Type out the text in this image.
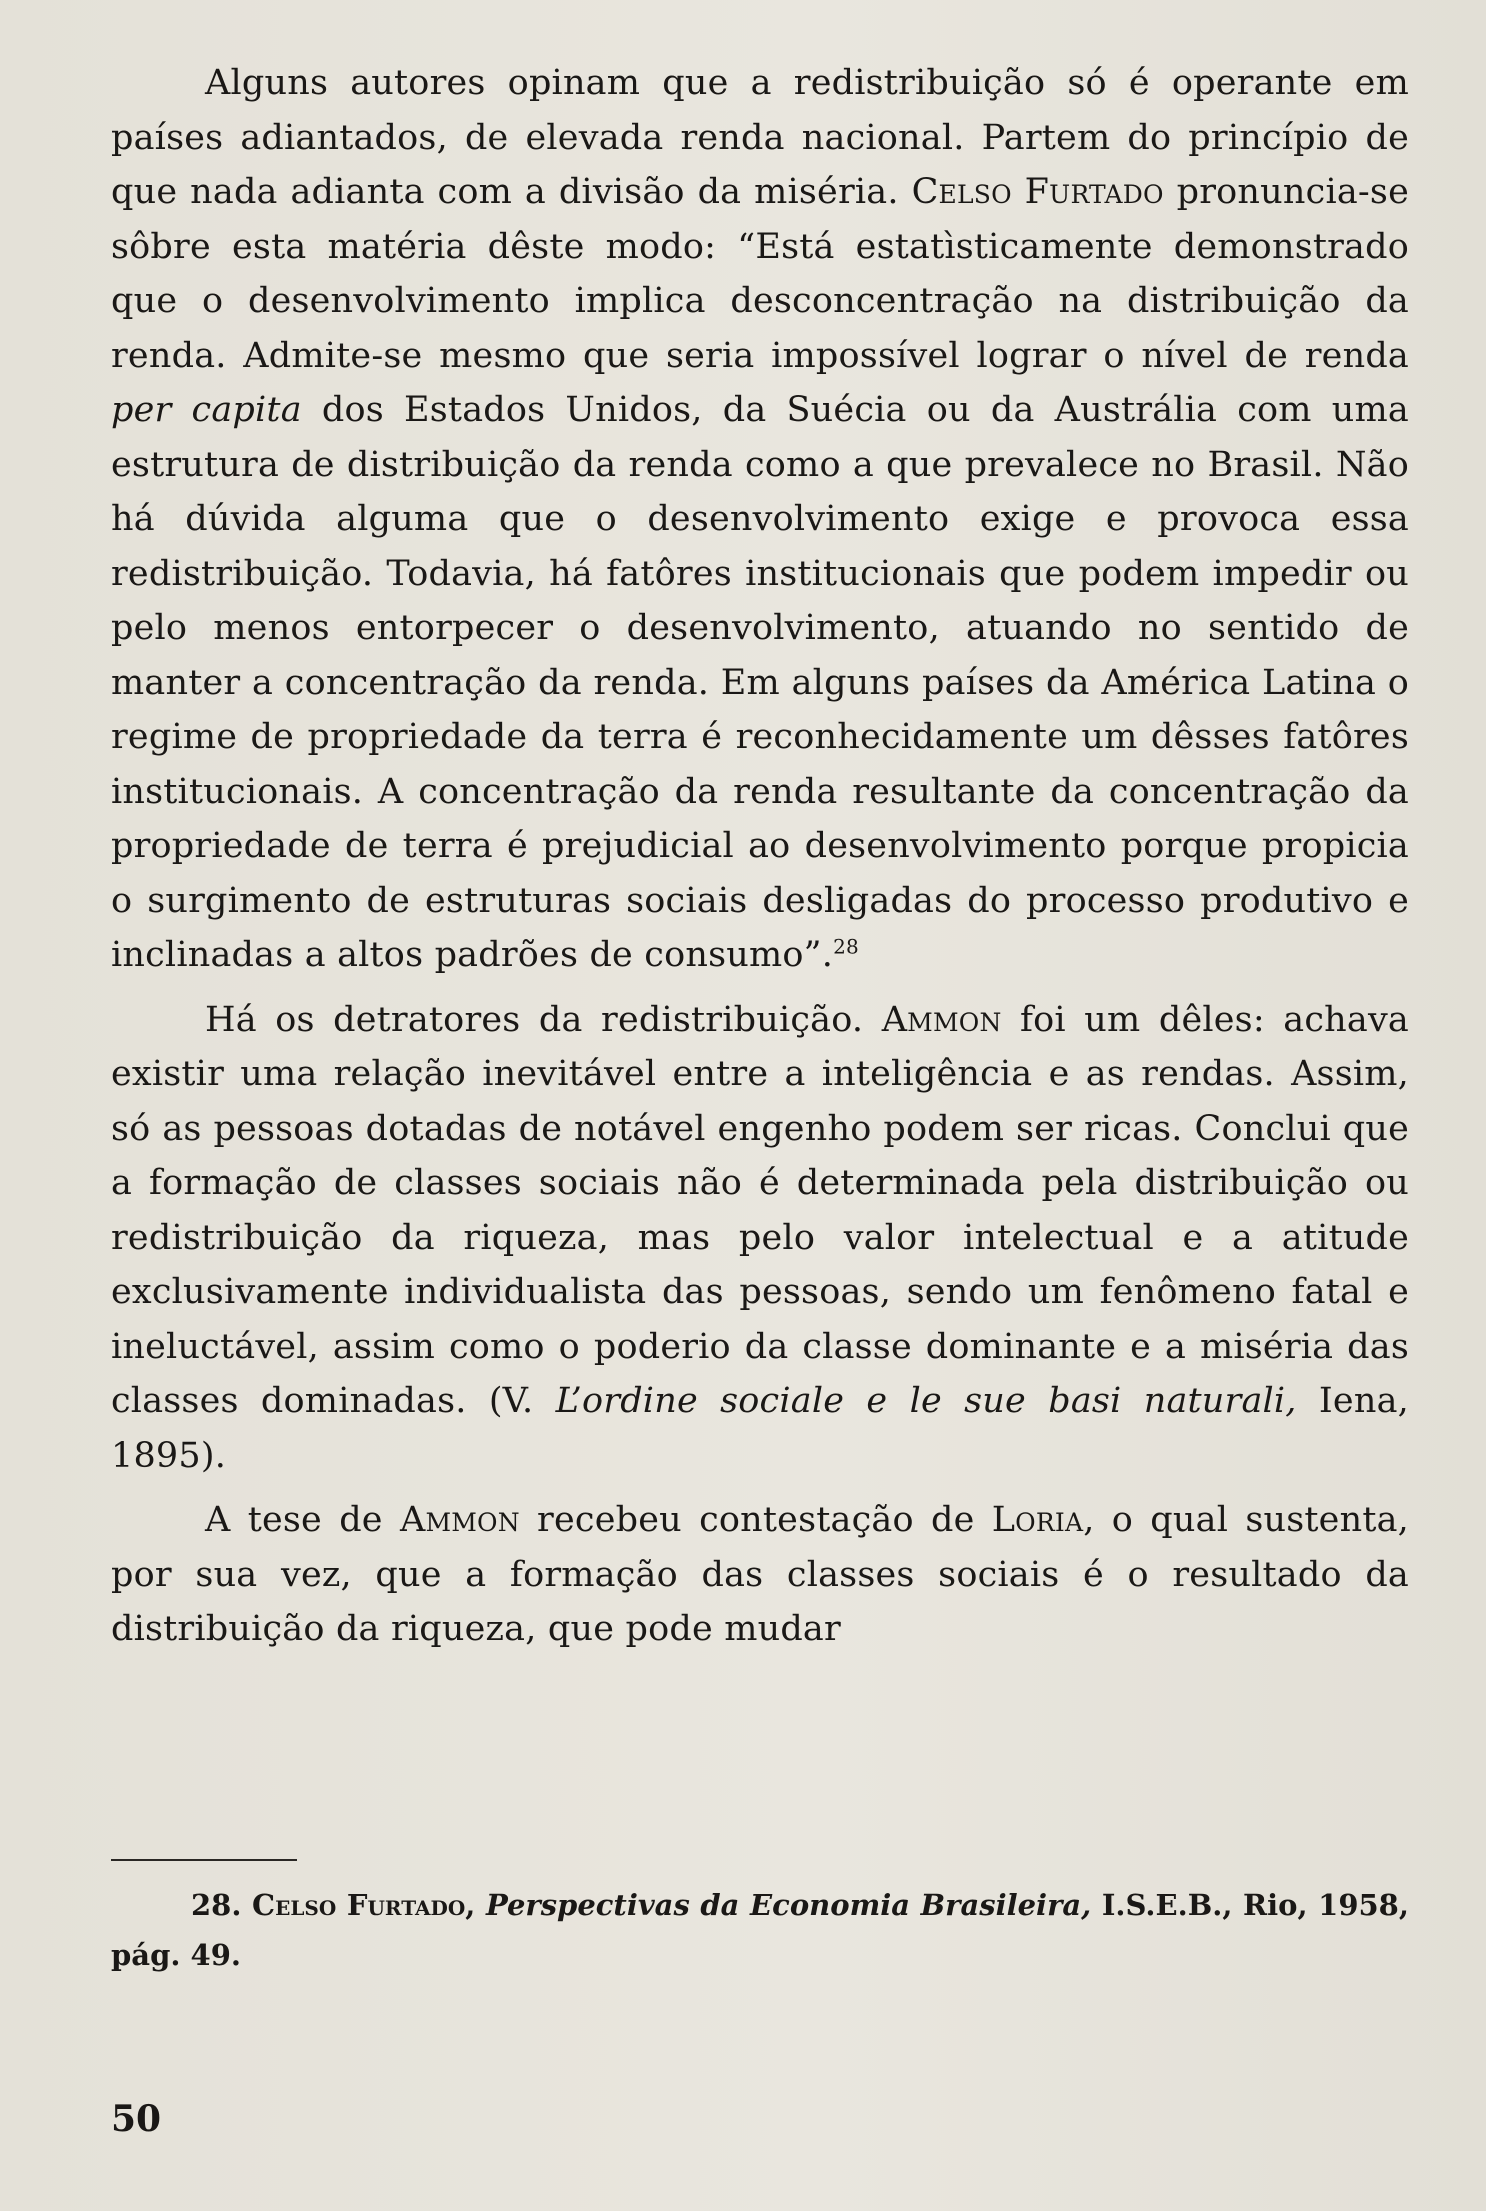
Alguns autores opinam que a redistribuição só é operante em países adiantados, de elevada renda nacional. Partem do princípio de que nada adianta com a divisão da miséria. Celso Furtado pronuncia-se sôbre esta matéria dêste modo: “Está estatìsticamente demonstrado que o desenvolvimento implica desconcentração na distribuição da renda. Admite-se mesmo que seria impossível lograr o nível de renda per capita dos Estados Unidos, da Suécia ou da Austrália com uma estrutura de distribuição da renda como a que prevalece no Brasil. Não há dúvida alguma que o desenvolvimento exige e provoca essa redistribuição. Todavia, há fatôres institucionais que podem impedir ou pelo menos entorpecer o desenvolvimento, atuando no sentido de manter a concentração da renda. Em alguns países da América Latina o regime de propriedade da terra é reconhecidamente um dêsses fatôres institucionais. A concentração da renda resultante da concentração da propriedade de terra é prejudicial ao desenvolvimento porque propicia o surgimento de estruturas sociais desligadas do processo produtivo e inclinadas a altos padrões de consumo”.$^{28}$

Há os detratores da redistribuição. Ammon foi um dêles: achava existir uma relação inevitável entre a inteligência e as rendas. Assim, só as pessoas dotadas de notável engenho podem ser ricas. Conclui que a formação de classes sociais não é determinada pela distribuição ou redistribuição da riqueza, mas pelo valor intelectual e a atitude exclusivamente individualista das pessoas, sendo um fenômeno fatal e ineluctável, assim como o poderio da classe dominante e a miséria das classes dominadas. (V. L’ordine sociale e le sue basi naturali, Iena, 1895).

A tese de Ammon recebeu contestação de Loria, o qual sustenta, por sua vez, que a formação das classes sociais é o resultado da distribuição da riqueza, que pode mudar

28. Celso Furtado, Perspectivas da Economia Brasileira, I.S.E.B., Rio, 1958, pág. 49.

50
